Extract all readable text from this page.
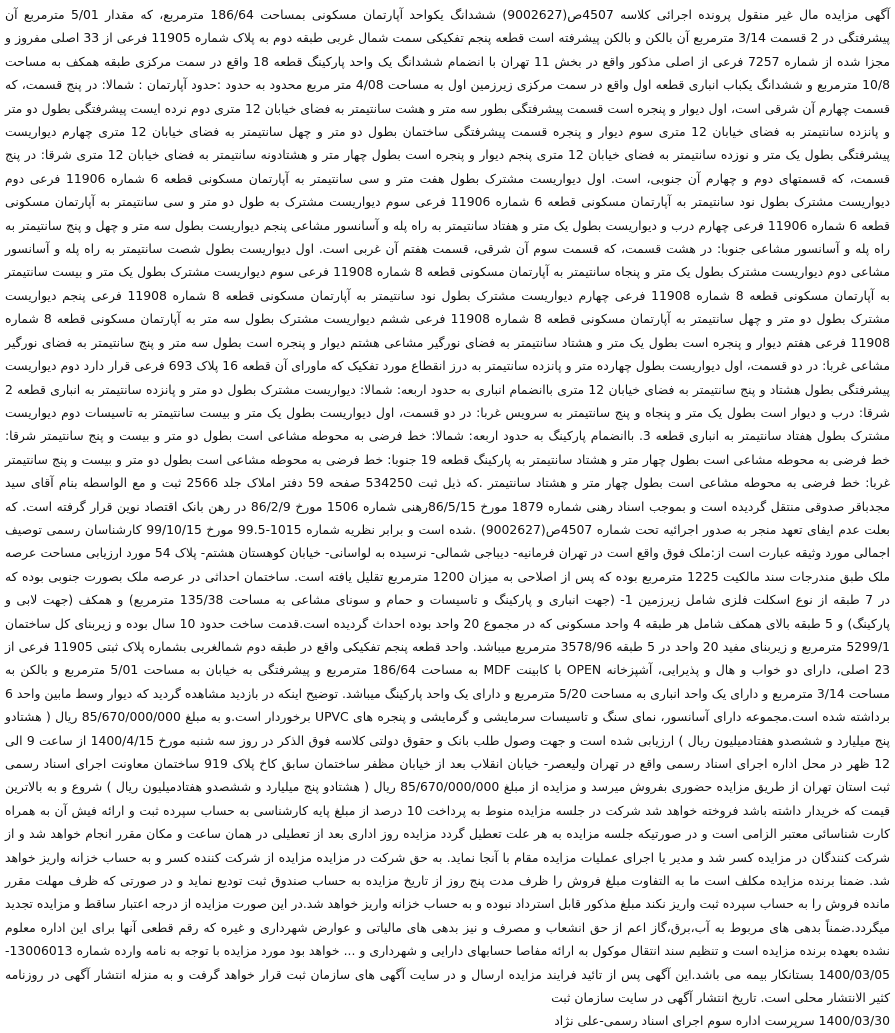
آگهی مزایده مال غیر منقول پرونده اجرائی کلاسه 4507ص(9002627) ششدانگ یکواحد آپارتمان مسکونی بمساحت 186/64 مترمربع، که مقدار 5/01 مترمربع آن پیشرفتگی در 2 قسمت 3/14 مترمربع آن بالکن و بالکن پیشرفته است قطعه پنجم تفکیکی سمت شمال غربی طبقه دوم به پلاک شماره 11905 فرعی از 33 اصلی مفروز و مجزا شده از شماره 7257 فرعی از اصلی مذکور واقع در بخش 11 تهران با انضمام ششدانگ یک واحد پارکینگ قطعه 18 واقع در سمت مرکزی طبقه همکف به مساحت 10/8 مترمربع و ششدانگ یکباب انباری قطعه اول واقع در سمت مرکزی زیرزمین اول به مساحت 4/08 متر مربع محدود به حدود :حدود آپارتمان : شمالا: در پنج قسمت، که قسمت چهارم آن شرقی است، اول دیوار و پنجره است قسمت پیشرفتگی بطور سه متر و هشت سانتیمتر به فضای خیابان 12 متری دوم نرده ایست پیشرفتگی بطول دو متر و پانزده سانتیمتر به فضای خیابان 12 متری سوم دیوار و پنجره قسمت پیشرفتگی ساختمان بطول دو متر و چهل سانتیمتر به فضای خیابان 12 متری چهارم دیواریست پیشرفتگی بطول یک متر و نوزده سانتیمتر به فضای خیابان 12 متری پنجم دیوار و پنجره است بطول چهار متر و هشتادونه سانتیمتر به فضای خیابان 12 متری شرقا: در پنج قسمت، که قسمتهای دوم و چهارم آن جنوبی، است. اول دیواریست مشترک بطول هفت متر و سی سانتیمتر به آپارتمان مسکونی قطعه 6 شماره 11906 فرعی دوم دیواریست مشترک بطول نود سانتیمتر به آپارتمان مسکونی قطعه 6 شماره 11906 فرعی سوم دیواریست مشترک به طول دو متر و سی سانتیمتر به آپارتمان مسکونی قطعه 6 شماره 11906 فرعی چهارم درب و دیواریست بطول یک متر و هفتاد سانتیمتر به راه پله و آسانسور مشاعی پنجم دیواریست بطول سه متر و چهل و پنج سانتیمتر به راه پله و آسانسور مشاعی جنوبا: در هشت قسمت، که قسمت سوم آن شرقی، قسمت هفتم آن غربی است. اول دیواریست بطول شصت سانتیمتر به راه پله و آسانسور مشاعی دوم دیواریست مشترک بطول یک متر و پنجاه سانتیمتر به آپارتمان مسکونی قطعه 8 شماره 11908 فرعی سوم دیواریست مشترک بطول یک متر و بیست سانتیمتر به آپارتمان مسکونی قطعه 8 شماره 11908 فرعی چهارم دیواریست مشترک بطول نود سانتیمتر به آپارتمان مسکونی قطعه 8 شماره 11908 فرعی پنجم دیواریست مشترک بطول دو متر و چهل سانتیمتر به آپارتمان مسکونی قطعه 8 شماره 11908 فرعی ششم دیواریست مشترک بطول سه متر به آپارتمان مسکونی قطعه 8 شماره 11908 فرعی هفتم دیوار و پنجره است بطول یک متر و هشتاد سانتیمتر به فضای نورگیر مشاعی هشتم دیوار و پنجره است بطول سه متر و پنج سانتیمتر به فضای نورگیر مشاعی غربا: در دو قسمت، اول دیواریست بطول چهارده متر و پانزده سانتیمتر به درز انقطاع مورد تفکیک که ماورای آن قطعه 16 پلاک 693 فرعی قرار دارد دوم دیواریست پیشرفتگی بطول هشتاد و پنج سانتیمتر به فضای خیابان 12 متری باانضمام انباری به حدود اربعه: شمالا: دیواریست مشترک بطول دو متر و پانزده سانتیمتر به انباری قطعه 2 شرقا: درب و دیوار است بطول یک متر و پنجاه و پنج سانتیمتر به سرویس غربا: در دو قسمت، اول دیواریست بطول یک متر و بیست سانتیمتر به تاسیسات دوم دیواریست مشترک بطول هفتاد سانتیمتر به انباری قطعه 3. باانضمام پارکینگ به حدود اربعه: شمالا: خط فرضی به محوطه مشاعی است بطول دو متر و بیست و پنج سانتیمتر شرقا: خط فرضی به محوطه مشاعی است بطول چهار متر و هشتاد سانتیمتر به پارکینگ قطعه 19 جنوبا: خط فرضی به محوطه مشاعی است بطول دو متر و بیست و پنج سانتیمتر غربا: خط فرضی به محوطه مشاعی است بطول چهار متر و هشتاد سانتیمتر .که ذیل ثبت 534250 صفحه 59 دفتر املاک جلد 2566 ثبت و مع الواسطه بنام آقای سید مجدباقر صدوقی منتقل گردیده است و بموجب اسناد رهنی شماره 1879 مورخ 86/5/15رهنی شماره 1506 مورخ 86/2/9 در رهن بانک اقتصاد نوین قرار گرفته است. که بعلت عدم ایفای تعهد منجر به صدور اجرائیه تحت شماره 4507ص(9002627) .شده است و برابر نظریه شماره 1015-99.5 مورخ 99/10/15 کارشناسان رسمی توصیف اجمالی مورد وثیقه عبارت است از:ملک فوق واقع است در تهران فرمانیه- دیباجی شمالی- نرسیده به لواسانی- خیابان کوهستان هشتم- پلاک 54 مورد ارزیابی مساحت عرصه ملک طبق مندرجات سند مالکیت 1225 مترمربع بوده که پس از اصلاحی به میزان 1200 مترمربع تقلیل یافته است. ساختمان احداثی در عرصه ملک بصورت جنوبی بوده که در 7 طبقه از نوع اسکلت فلزی شامل زیرزمین 1- (جهت انباری و پارکینگ و تاسیسات و حمام و سونای مشاعی به مساحت 135/38 مترمربع) و همکف (جهت لابی و پارکینگ) و 5 طبقه بالای همکف شامل هر طبقه 4 واحد مسکونی که در مجموع 20 واحد بوده احداث گردیده است.قدمت ساخت حدود 10 سال بوده و زیربنای کل ساختمان 5299/1 مترمربع و زیربنای مفید 20 واحد در 5 طبقه 3578/96 مترمربع میباشد. واحد قطعه پنجم تفکیکی واقع در طبقه دوم شمالغربی بشماره پلاک ثبتی 11905 فرعی از 23 اصلی، دارای دو خواب و هال و پذیرایی، آشپزخانه OPEN با کابینت MDF به مساحت 186/64 مترمربع و پیشرفتگی به خیابان به مساحت 5/01 مترمربع و بالکن به مساحت 3/14 مترمربع و دارای یک واحد انباری به مساحت 5/20 مترمربع و دارای یک واحد پارکینگ میباشد. توضیح اینکه در بازدید مشاهده گردید که دیوار وسط مابین واحد 6 برداشته شده است.مجموعه دارای آسانسور، نمای سنگ و تاسیسات سرمایشی و گرمایشی و پنجره های UPVC برخوردار است.و به مبلغ 85/670/000/000 ریال ( هشتادو پنج میلیارد و ششصدو هفتادمیلیون ریال ) ارزیابی شده است و جهت وصول طلب بانک و حقوق دولتی کلاسه فوق الذکر در روز سه شنبه مورخ 1400/4/15 از ساعت 9 الی 12 ظهر در محل اداره اجرای اسناد رسمی واقع در تهران ولیعصر- خیابان انقلاب بعد از خیابان مظفر ساختمان سابق کاخ پلاک 919 ساختمان معاونت اجرای اسناد رسمی ثبت استان تهران از طریق مزایده حضوری بفروش میرسد و مزایده از مبلغ 85/670/000/000 ریال ( هشتادو پنج میلیارد و ششصدو هفتادمیلیون ریال ) شروع و به بالاترین قیمت که خریدار داشته باشد فروخته خواهد شد شرکت در جلسه مزایده منوط به پرداخت 10 درصد از مبلغ پایه کارشناسی به حساب سپرده ثبت و ارائه فیش آن به همراه کارت شناسائی معتبر الزامی است و در صورتیکه جلسه مزایده به هر علت تعطیل گردد مزایده روز اداری بعد از تعطیلی در همان ساعت و مکان مقرر انجام خواهد شد و از شرکت کنندگان در مزایده کسر شد و مدیر یا اجرای عملیات مزایده مقام با آنجا نماید. به حق شرکت در مزایده مزایده از شرکت کننده کسر و به حساب خزانه واریز خواهد شد. ضمنا برنده مزایده مکلف است ما به التفاوت مبلغ فروش را ظرف مدت پنج روز از تاریخ مزایده به حساب صندوق ثبت تودیع نماید و در صورتی که ظرف مهلت مقرر مانده فروش را به حساب سپرده ثبت واریز نکند مبلغ مذکور قابل استرداد نبوده و به حساب خزانه واریز خواهد شد.در این صورت مزایده از درجه اعتبار ساقط و مزایده تجدید میگردد.ضمناً بدهی های مربوط به آب،برق،گاز اعم از حق انشعاب و مصرف و نیز بدهی های مالیاتی و عوارض شهرداری و غیره که رقم قطعی آنها برای این اداره معلوم نشده بعهده برنده مزایده است و تنظیم سند انتقال موکول به ارائه مفاصا حسابهای دارایی و شهرداری و ... خواهد بود مورد مزایده با توجه به نامه وارده شماره 13006013-1400/03/05 بستانکار بیمه می باشد.این آگهی پس از تائید فرایند مزایده ارسال و در سایت آگهی های سازمان ثبت قرار خواهد گرفت و به منزله انتشار آگهی در روزنامه کثیر الانتشار محلی است. تاریخ انتشار آگهی در سایت سازمان ثبت

1400/03/30 سرپرست اداره سوم اجرای اسناد رسمی-علی نژاد
